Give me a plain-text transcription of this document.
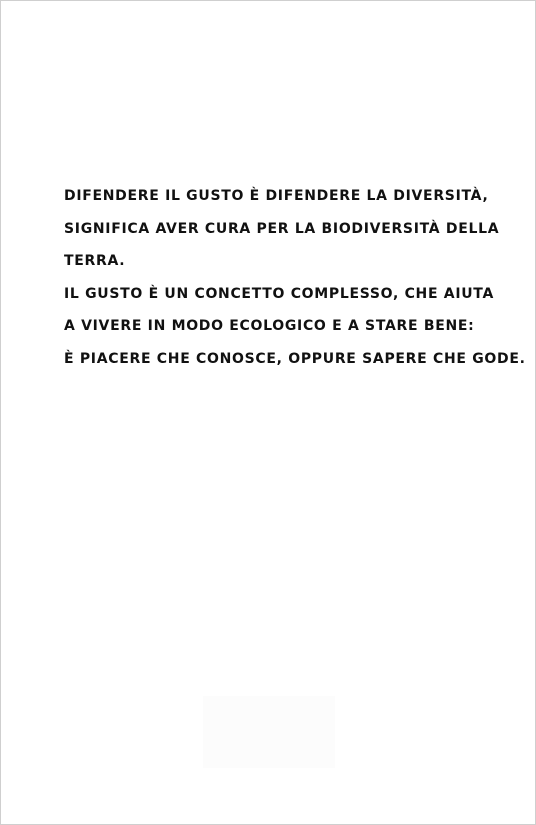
DIFENDERE IL GUSTO È DIFENDERE LA DIVERSITÀ,
SIGNIFICA AVER CURA PER LA BIODIVERSITÀ DELLA
TERRA.
IL GUSTO È UN CONCETTO COMPLESSO, CHE AIUTA
A VIVERE IN MODO ECOLOGICO E A STARE BENE:
È PIACERE CHE CONOSCE, OPPURE SAPERE CHE GODE.
